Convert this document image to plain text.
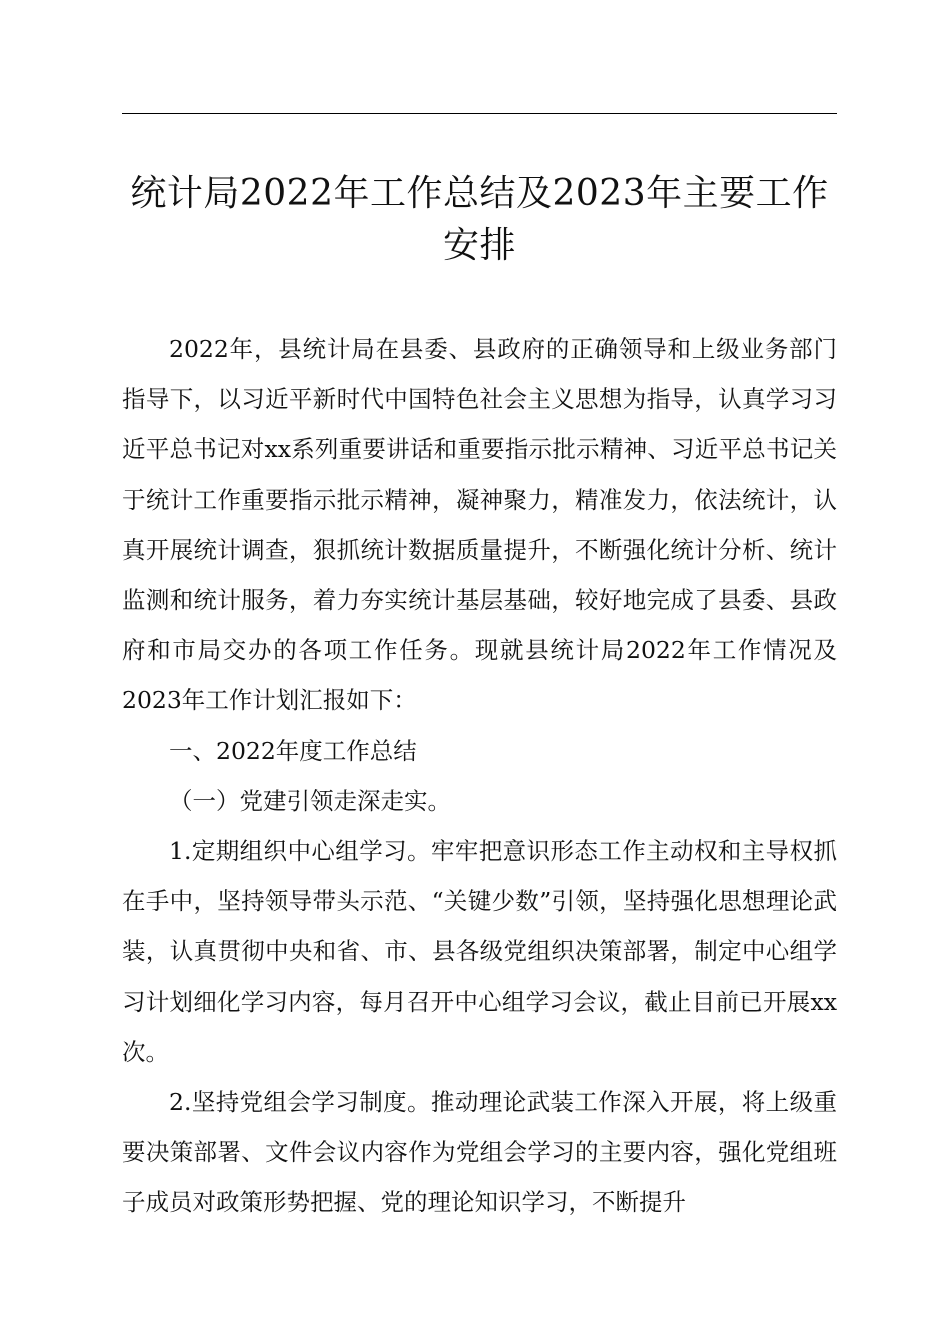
统计局2022年工作总结及2023年主要工作安排

2022年，县统计局在县委、县政府的正确领导和上级业务部门指导下，以习近平新时代中国特色社会主义思想为指导，认真学习习近平总书记对xx系列重要讲话和重要指示批示精神、习近平总书记关于统计工作重要指示批示精神，凝神聚力，精准发力，依法统计，认真开展统计调查，狠抓统计数据质量提升，不断强化统计分析、统计监测和统计服务，着力夯实统计基层基础，较好地完成了县委、县政府和市局交办的各项工作任务。现就县统计局2022年工作情况及2023年工作计划汇报如下：

一、2022年度工作总结

（一）党建引领走深走实。

1.定期组织中心组学习。牢牢把意识形态工作主动权和主导权抓在手中，坚持领导带头示范、“关键少数”引领，坚持强化思想理论武装，认真贯彻中央和省、市、县各级党组织决策部署，制定中心组学习计划细化学习内容，每月召开中心组学习会议，截止目前已开展xx次。

2.坚持党组会学习制度。推动理论武装工作深入开展，将上级重要决策部署、文件会议内容作为党组会学习的主要内容，强化党组班子成员对政策形势把握、党的理论知识学习，不断提升
